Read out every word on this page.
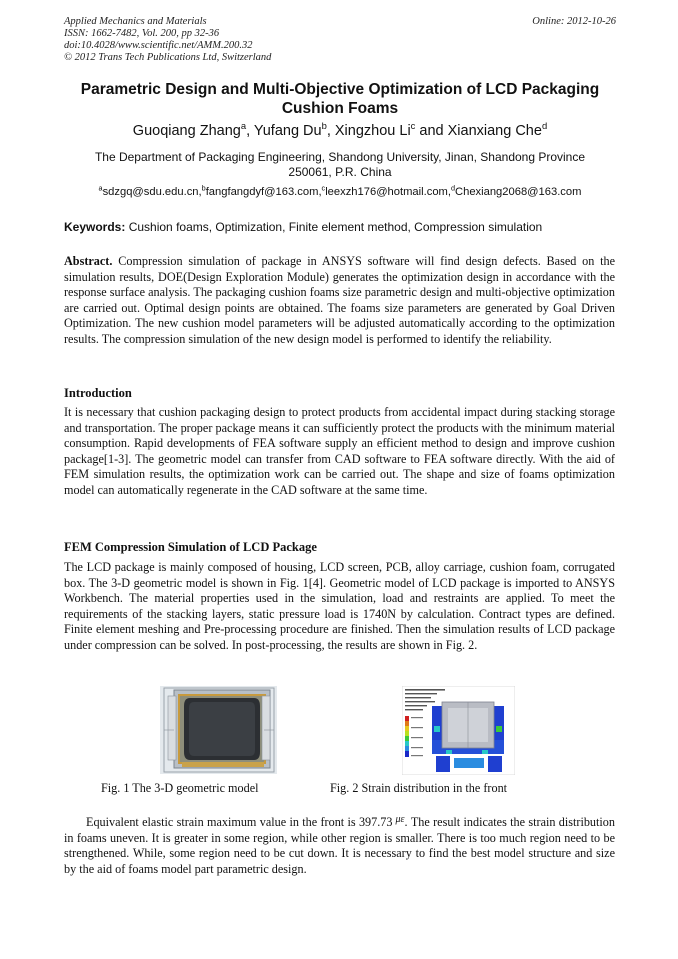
Applied Mechanics and Materials	Online: 2012-10-26
ISSN: 1662-7482, Vol. 200, pp 32-36
doi:10.4028/www.scientific.net/AMM.200.32
© 2012 Trans Tech Publications Ltd, Switzerland
Parametric Design and Multi-Objective Optimization of LCD Packaging Cushion Foams
Guoqiang Zhang$^a$, Yufang Du$^b$, Xingzhou Li$^c$ and Xianxiang Che$^d$
The Department of Packaging Engineering, Shandong University, Jinan, Shandong Province 250061, P.R. China
$^a$sdzgq@sdu.edu.cn,$^b$fangfangdyf@163.com,$^c$leexzh176@hotmail.com,$^d$Chexiang2068@163.com
Keywords: Cushion foams, Optimization, Finite element method, Compression simulation
Abstract. Compression simulation of package in ANSYS software will find design defects. Based on the simulation results, DOE(Design Exploration Module) generates the optimization design in accordance with the response surface analysis. The packaging cushion foams size parametric design and multi-objective optimization are carried out. Optimal design points are obtained. The foams size parameters are generated by Goal Driven Optimization. The new cushion model parameters will be adjusted automatically according to the optimization results. The compression simulation of the new design model is performed to identify the reliability.
Introduction
It is necessary that cushion packaging design to protect products from accidental impact during stacking storage and transportation. The proper package means it can sufficiently protect the products with the minimum material consumption. Rapid developments of FEA software supply an efficient method to design and improve cushion package[1-3]. The geometric model can transfer from CAD software to FEA software directly. With the aid of FEM simulation results, the optimization work can be carried out. The shape and size of foams optimization model can automatically regenerate in the CAD software at the same time.
FEM Compression Simulation of LCD Package
The LCD package is mainly composed of housing, LCD screen, PCB, alloy carriage, cushion foam, corrugated box. The 3-D geometric model is shown in Fig. 1[4]. Geometric model of LCD package is imported to ANSYS Workbench. The material properties used in the simulation, load and restraints are applied. To meet the requirements of the stacking layers, static pressure load is 1740N by calculation. Contract types are defined. Finite element meshing and Pre-processing procedure are finished. Then the simulation results of LCD package under compression can be solved. In post-processing, the results are shown in Fig. 2.
Fig. 1 The 3-D geometric model	Fig. 2 Strain distribution in the front
Equivalent elastic strain maximum value in the front is 397.73 $^{\mu\varepsilon}$. The result indicates the strain distribution in foams uneven. It is greater in some region, while other region is smaller. There is too much region need to be strengthened. While, some region need to be cut down. It is necessary to find the best model structure and size by the aid of foams model part parametric design.
